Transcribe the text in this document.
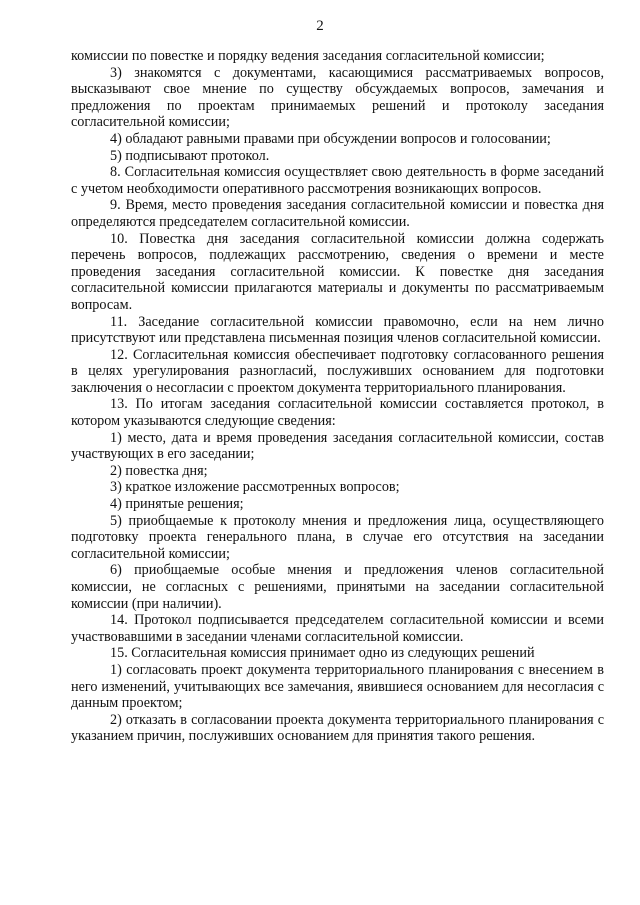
2

комиссии по повестке и порядку ведения заседания согласительной комиссии;

3) знакомятся с документами, касающимися рассматриваемых вопросов, высказывают свое мнение по существу обсуждаемых вопросов, замечания и предложения по проектам принимаемых решений и протоколу заседания согласительной комиссии;

4) обладают равными правами при обсуждении вопросов и голосовании;

5) подписывают протокол.

8. Согласительная комиссия осуществляет свою деятельность в форме заседаний с учетом необходимости оперативного рассмотрения возникающих вопросов.

9. Время, место проведения заседания согласительной комиссии и повестка дня определяются председателем согласительной комиссии.

10. Повестка дня заседания согласительной комиссии должна содержать перечень вопросов, подлежащих рассмотрению, сведения о времени и месте проведения заседания согласительной комиссии. К повестке дня заседания согласительной комиссии прилагаются материалы и документы по рассматриваемым вопросам.

11. Заседание согласительной комиссии правомочно, если на нем лично присутствуют или представлена письменная позиция членов согласительной комиссии.

12. Согласительная комиссия обеспечивает подготовку согласованного решения в целях урегулирования разногласий, послуживших основанием для подготовки заключения о несогласии с проектом документа территориального планирования.

13. По итогам заседания согласительной комиссии составляется протокол, в котором указываются следующие сведения:

1) место, дата и время проведения заседания согласительной комиссии, состав участвующих в его заседании;

2) повестка дня;

3) краткое изложение рассмотренных вопросов;

4) принятые решения;

5) приобщаемые к протоколу мнения и предложения лица, осуществляющего подготовку проекта генерального плана, в случае его отсутствия на заседании согласительной комиссии;

6) приобщаемые особые мнения и предложения членов согласительной комиссии, не согласных с решениями, принятыми на заседании согласительной комиссии (при наличии).

14. Протокол подписывается председателем согласительной комиссии и всеми участвовавшими в заседании членами согласительной комиссии.

15. Согласительная комиссия принимает одно из следующих решений

1) согласовать проект документа территориального планирования с внесением в него изменений, учитывающих все замечания, явившиеся основанием для несогласия с данным проектом;

2) отказать в согласовании проекта документа территориального планирования с указанием причин, послуживших основанием для принятия такого решения.
